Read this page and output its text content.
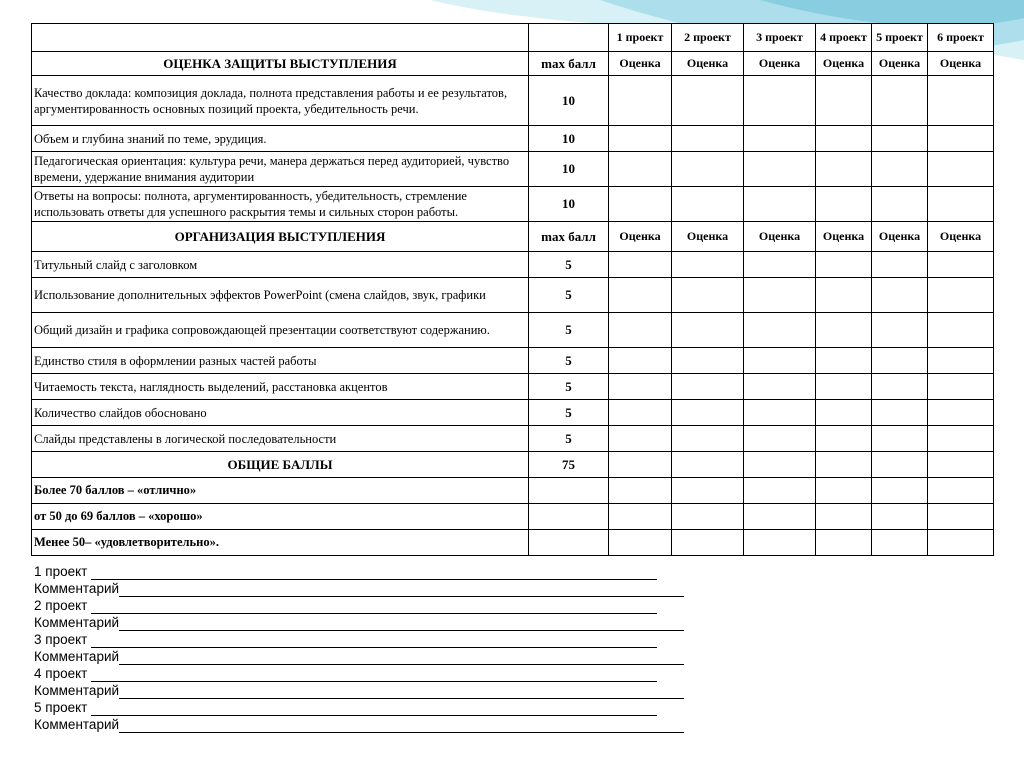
		1 проект	2 проект	3 проект	4 проект	5 проект	6 проект
ОЦЕНКА ЗАЩИТЫ ВЫСТУПЛЕНИЯ	max балл	Оценка	Оценка	Оценка	Оценка	Оценка	Оценка
Качество доклада: композиция доклада, полнота представления работы и ее результатов, аргументированность основных позиций проекта, убедительность речи.	10						
Объем и глубина знаний по теме, эрудиция.	10						
Педагогическая ориентация: культура речи, манера держаться перед аудиторией, чувство времени, удержание внимания аудитории	10						
Ответы на вопросы: полнота, аргументированность, убедительность, стремление использовать ответы для успешного раскрытия темы и сильных сторон работы.	10						
ОРГАНИЗАЦИЯ ВЫСТУПЛЕНИЯ	max балл	Оценка	Оценка	Оценка	Оценка	Оценка	Оценка
Титульный слайд с заголовком	5						
Использование дополнительных эффектов PowerPoint (смена слайдов, звук, графики	5						
Общий дизайн и графика сопровождающей презентации соответствуют содержанию.	5						
Единство стиля в оформлении разных частей работы	5						
Читаемость текста, наглядность выделений, расстановка акцентов	5						
Количество слайдов обосновано	5						
Слайды представлены в логической последовательности	5						
ОБЩИЕ БАЛЛЫ	75						
Более 70 баллов – «отлично»							
от 50 до 69 баллов – «хорошо»							
Менее 50– «удовлетворительно».							
1 проект
Комментарий
2 проект
Комментарий
3 проект
Комментарий
4 проект
Комментарий
5 проект
Комментарий
